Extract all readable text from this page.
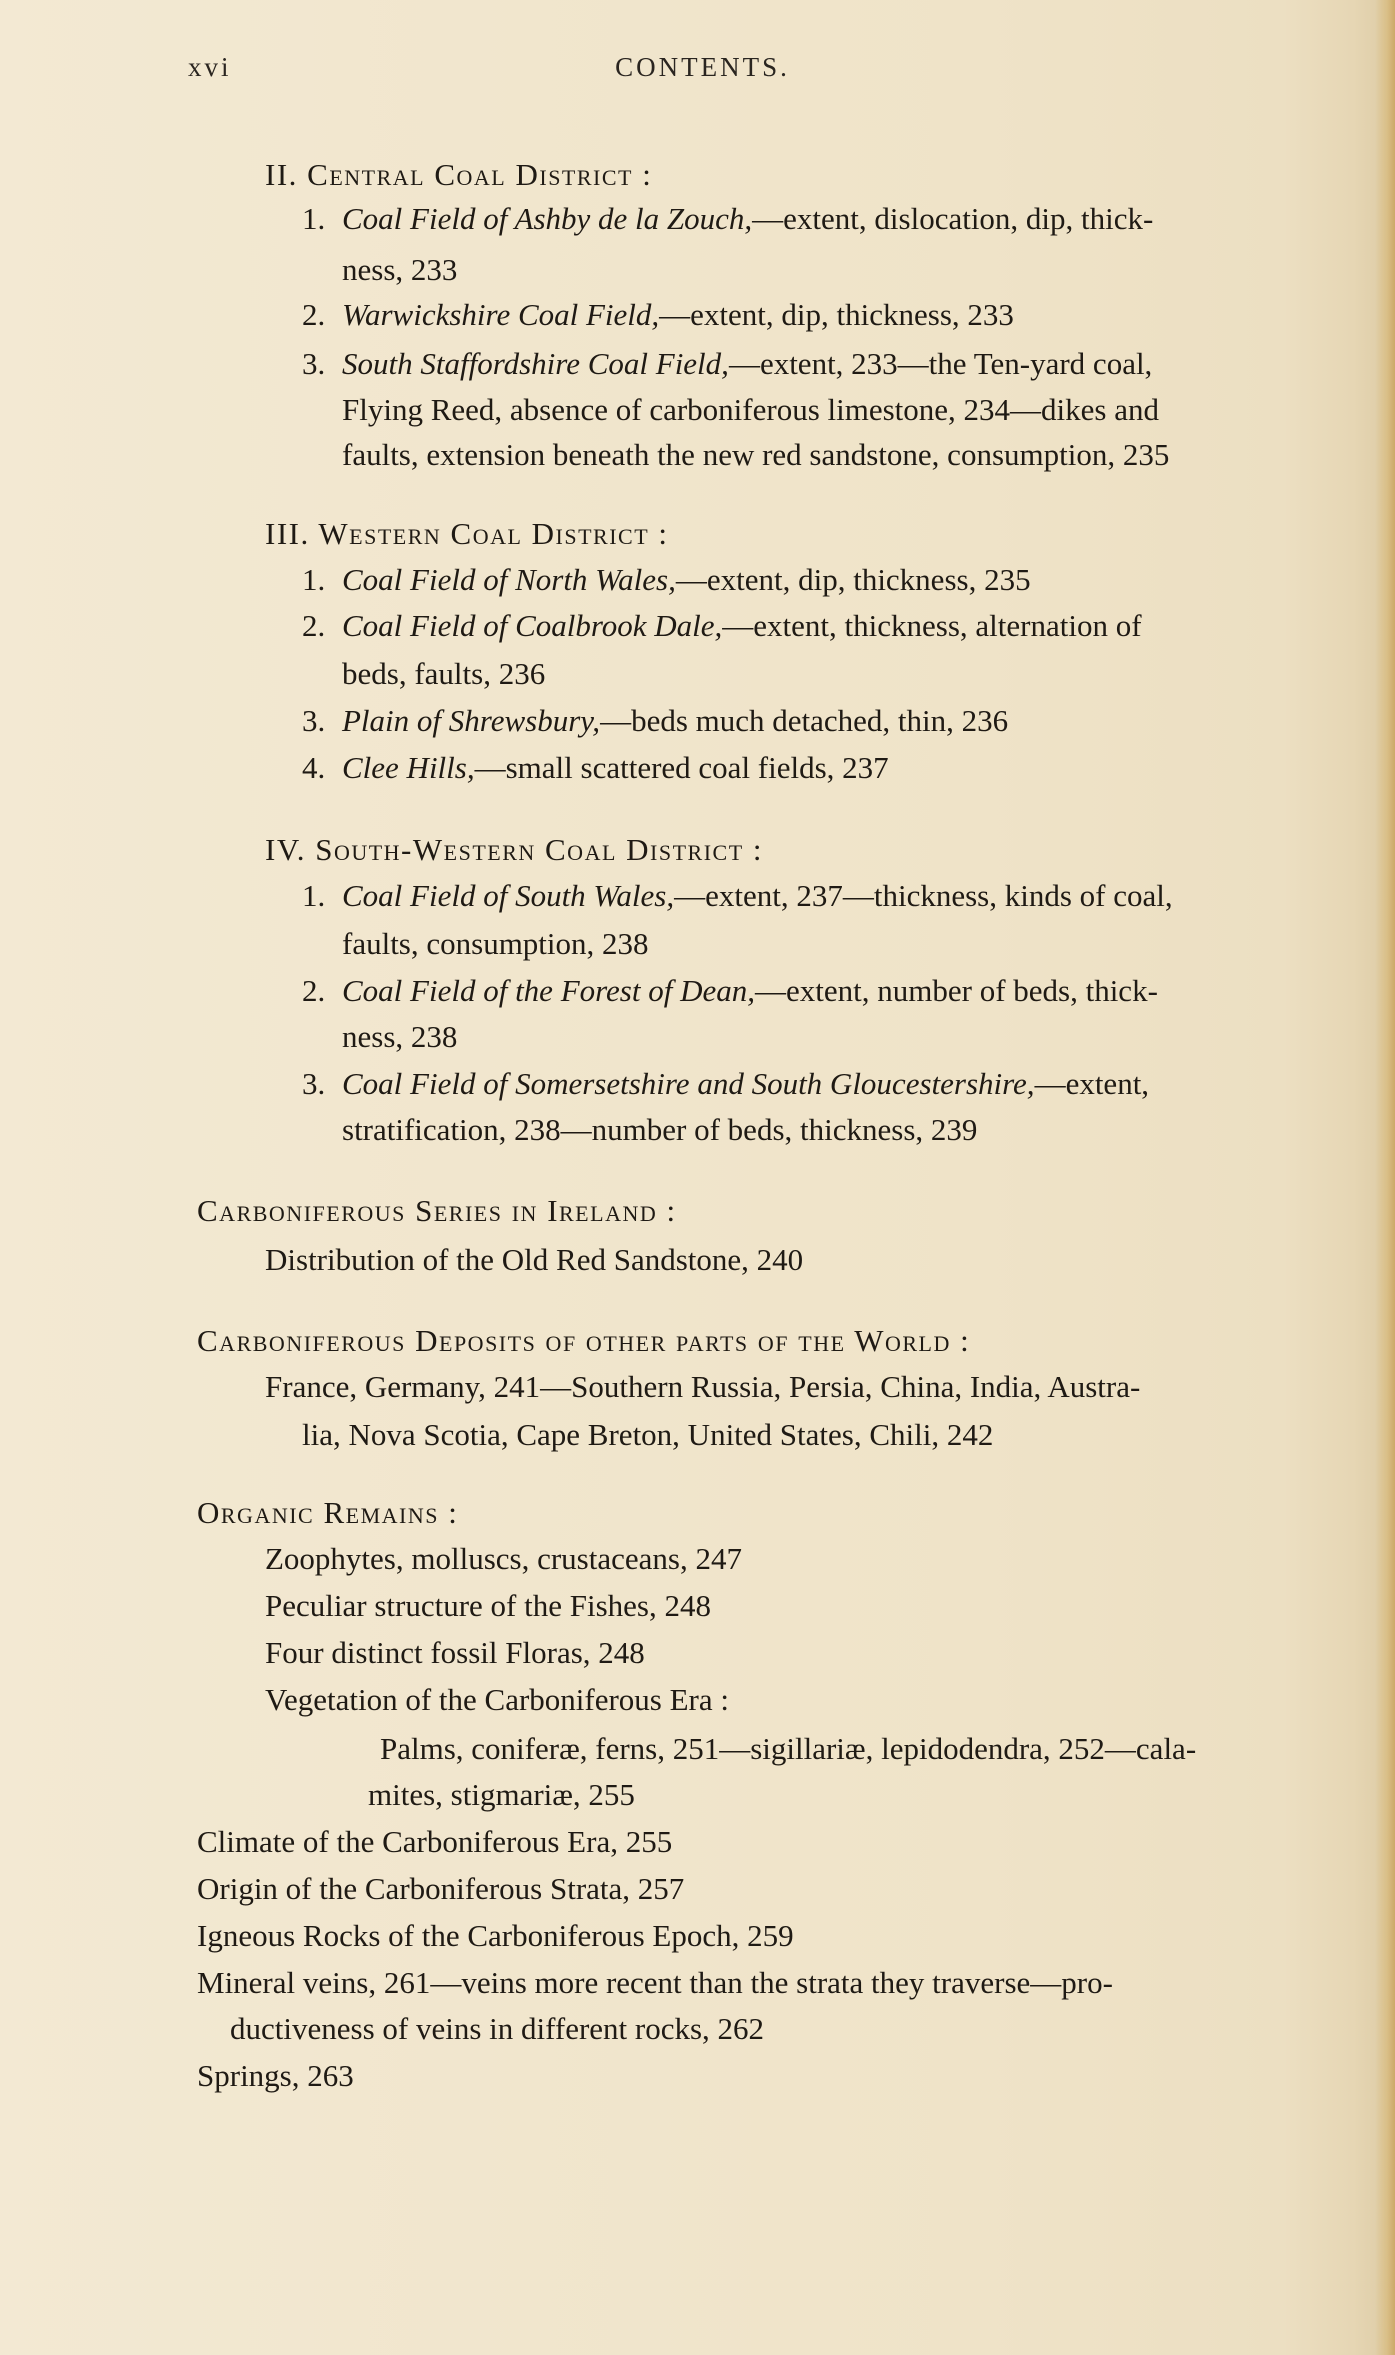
xvi	CONTENTS.
II. Central Coal District :
1. Coal Field of Ashby de la Zouch,—extent, dislocation, dip, thick-
ness, 233
2. Warwickshire Coal Field,—extent, dip, thickness, 233
3. South Staffordshire Coal Field,—extent, 233—the Ten-yard coal,
Flying Reed, absence of carboniferous limestone, 234—dikes and
faults, extension beneath the new red sandstone, consumption, 235
III. Western Coal District :
1. Coal Field of North Wales,—extent, dip, thickness, 235
2. Coal Field of Coalbrook Dale,—extent, thickness, alternation of
beds, faults, 236
3. Plain of Shrewsbury,—beds much detached, thin, 236
4. Clee Hills,—small scattered coal fields, 237
IV. South-Western Coal District :
1. Coal Field of South Wales,—extent, 237—thickness, kinds of coal,
faults, consumption, 238
2. Coal Field of the Forest of Dean,—extent, number of beds, thick-
ness, 238
3. Coal Field of Somersetshire and South Gloucestershire,—extent,
stratification, 238—number of beds, thickness, 239
Carboniferous Series in Ireland :
Distribution of the Old Red Sandstone, 240
Carboniferous Deposits of other parts of the World :
France, Germany, 241—Southern Russia, Persia, China, India, Austra-
lia, Nova Scotia, Cape Breton, United States, Chili, 242
Organic Remains :
Zoophytes, molluscs, crustaceans, 247
Peculiar structure of the Fishes, 248
Four distinct fossil Floras, 248
Vegetation of the Carboniferous Era :
Palms, coniferæ, ferns, 251—sigillariæ, lepidodendra, 252—cala-
mites, stigmariæ, 255
Climate of the Carboniferous Era, 255
Origin of the Carboniferous Strata, 257
Igneous Rocks of the Carboniferous Epoch, 259
Mineral veins, 261—veins more recent than the strata they traverse—pro-
ductiveness of veins in different rocks, 262
Springs, 263
